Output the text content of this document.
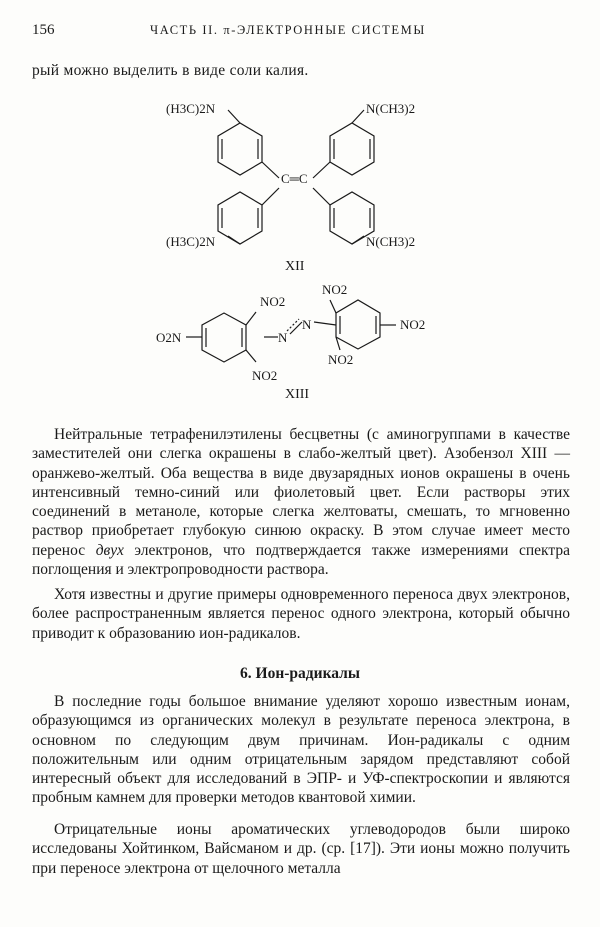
156	ЧАСТЬ II. π-ЭЛЕКТРОННЫЕ СИСТЕМЫ
рый можно выделить в виде соли калия.
(H3C)2N	N(CH3)2
C═C
(H3C)2N	N(CH3)2
XII
NO2
NO2
O2N	N
N	NO2
NO2
NO2
XIII

Нейтральные тетрафенилэтилены бесцветны (с аминогруппами в качестве заместителей они слегка окрашены в слабо-желтый цвет). Азобензол XIII — оранжево-желтый. Оба вещества в виде двузарядных ионов окрашены в очень интенсивный темно-синий или фиолетовый цвет. Если растворы этих соединений в метаноле, которые слегка желтоваты, смешать, то мгновенно раствор приобретает глубокую синюю окраску. В этом случае имеет место перенос двух электронов, что подтверждается также измерениями спектра поглощения и электропроводности раствора.

Хотя известны и другие примеры одновременного переноса двух электронов, более распространенным является перенос одного электрона, который обычно приводит к образованию ион-радикалов.

6. Ион-радикалы

В последние годы большое внимание уделяют хорошо известным ионам, образующимся из органических молекул в результате переноса электрона, в основном по следующим двум причинам. Ион-радикалы с одним положительным или одним отрицательным зарядом представляют собой интересный объект для исследований в ЭПР- и УФ-спектроскопии и являются пробным камнем для проверки методов квантовой химии.

Отрицательные ионы ароматических углеводородов были широко исследованы Хойтинком, Вайсманом и др. (ср. [17]). Эти ионы можно получить при переносе электрона от щелочного металла
